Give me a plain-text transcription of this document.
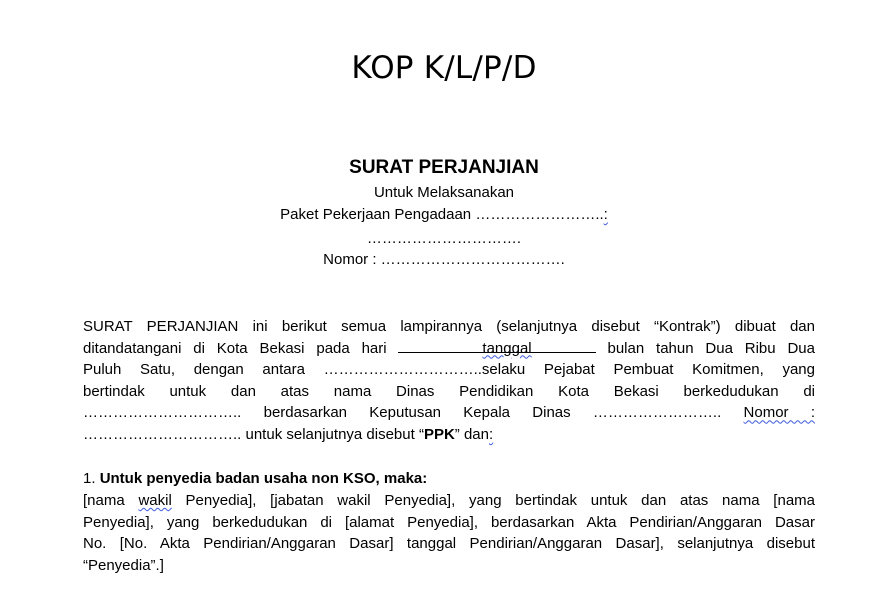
KOP K/L/P/D
SURAT PERJANJIAN
Untuk Melaksanakan
Paket Pekerjaan Pengadaan ……………………..:
………………………….
Nomor : ……………………………….
SURAT PERJANJIAN ini berikut semua lampirannya (selanjutnya disebut “Kontrak”) dibuat dan
ditandatangani di Kota Bekasi pada hari	tanggal	bulan tahun Dua Ribu Dua
Puluh Satu, dengan antara …………………………..selaku Pejabat Pembuat Komitmen, yang
bertindak untuk dan atas nama Dinas Pendidikan Kota Bekasi berkedudukan di
………………………….. berdasarkan Keputusan Kepala Dinas …………………….. Nomor :
………………………….. untuk selanjutnya disebut “PPK” dan:
1. Untuk penyedia badan usaha non KSO, maka:
[nama wakil Penyedia], [jabatan wakil Penyedia], yang bertindak untuk dan atas nama [nama
Penyedia], yang berkedudukan di [alamat Penyedia], berdasarkan Akta Pendirian/Anggaran Dasar
No. [No. Akta Pendirian/Anggaran Dasar] tanggal Pendirian/Anggaran Dasar], selanjutnya disebut
“Penyedia”.]
